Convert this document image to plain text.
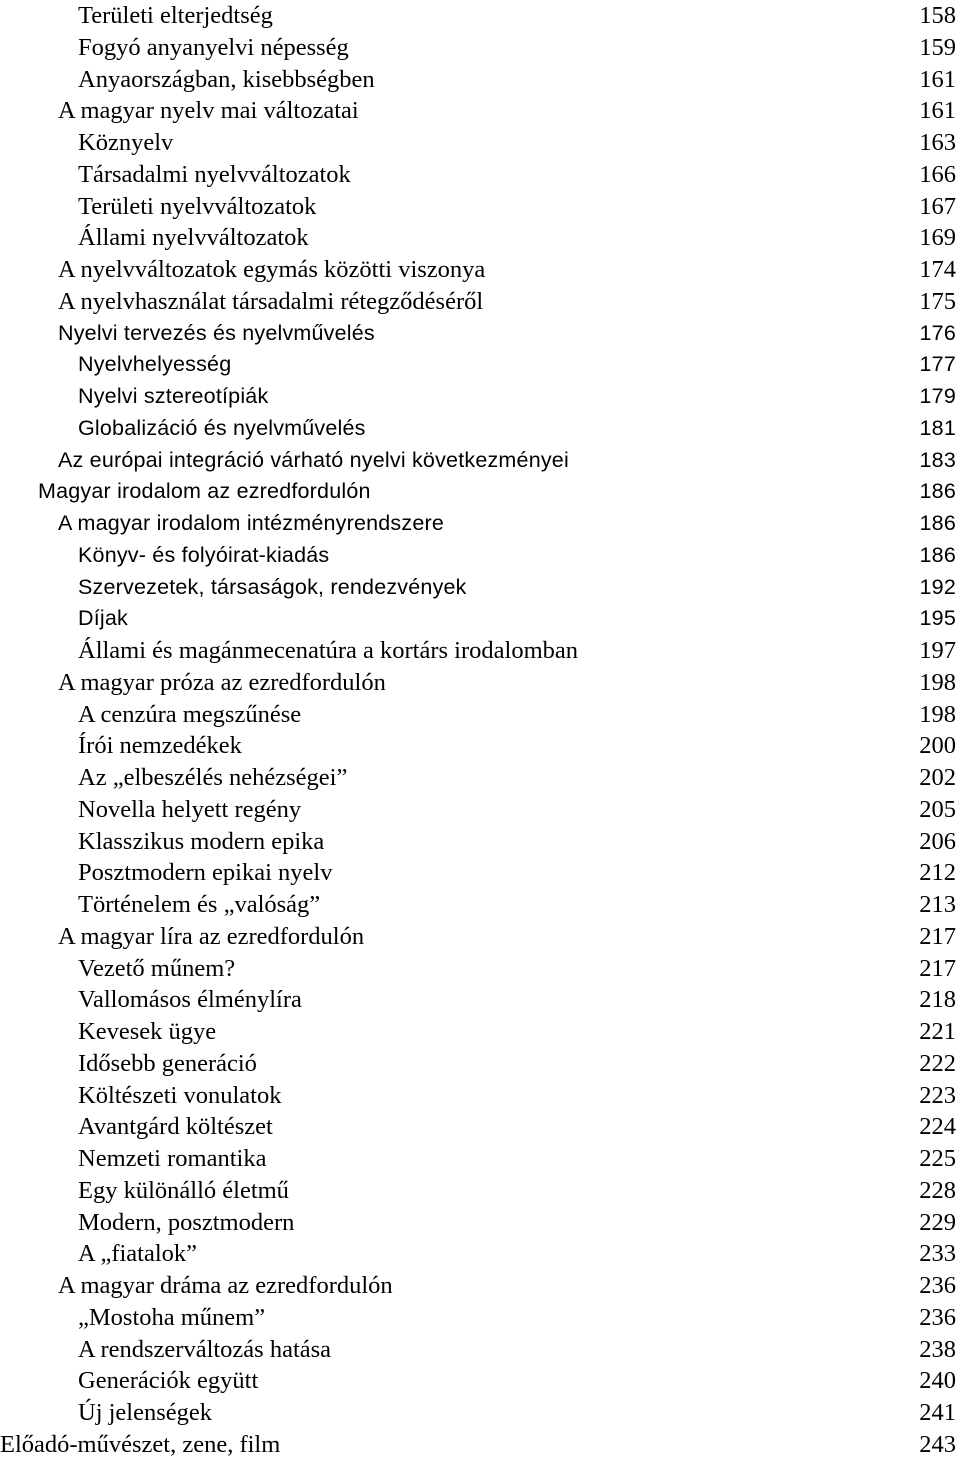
Területi elterjedtség	158
Fogyó anyanyelvi népesség	159
Anyaországban, kisebbségben	161
A magyar nyelv mai változatai	161
Köznyelv	163
Társadalmi nyelvváltozatok	166
Területi nyelvváltozatok	167
Állami nyelvváltozatok	169
A nyelvváltozatok egymás közötti viszonya	174
A nyelvhasználat társadalmi rétegződéséről	175
Nyelvi tervezés és nyelvművelés	176
Nyelvhelyesség	177
Nyelvi sztereotípiák	179
Globalizáció és nyelvművelés	181
Az európai integráció várható nyelvi következményei	183
Magyar irodalom az ezredfordulón	186
A magyar irodalom intézményrendszere	186
Könyv- és folyóirat-kiadás	186
Szervezetek, társaságok, rendezvények	192
Díjak	195
Állami és magánmecenatúra a kortárs irodalomban	197
A magyar próza az ezredfordulón	198
A cenzúra megszűnése	198
Írói nemzedékek	200
Az „elbeszélés nehézségei”	202
Novella helyett regény	205
Klasszikus modern epika	206
Posztmodern epikai nyelv	212
Történelem és „valóság”	213
A magyar líra az ezredfordulón	217
Vezető műnem?	217
Vallomásos élménylíra	218
Kevesek ügye	221
Idősebb generáció	222
Költészeti vonulatok	223
Avantgárd költészet	224
Nemzeti romantika	225
Egy különálló életmű	228
Modern, posztmodern	229
A „fiatalok”	233
A magyar dráma az ezredfordulón	236
„Mostoha műnem”	236
A rendszerváltozás hatása	238
Generációk együtt	240
Új jelenségek	241
Előadó-művészet, zene, film	243
